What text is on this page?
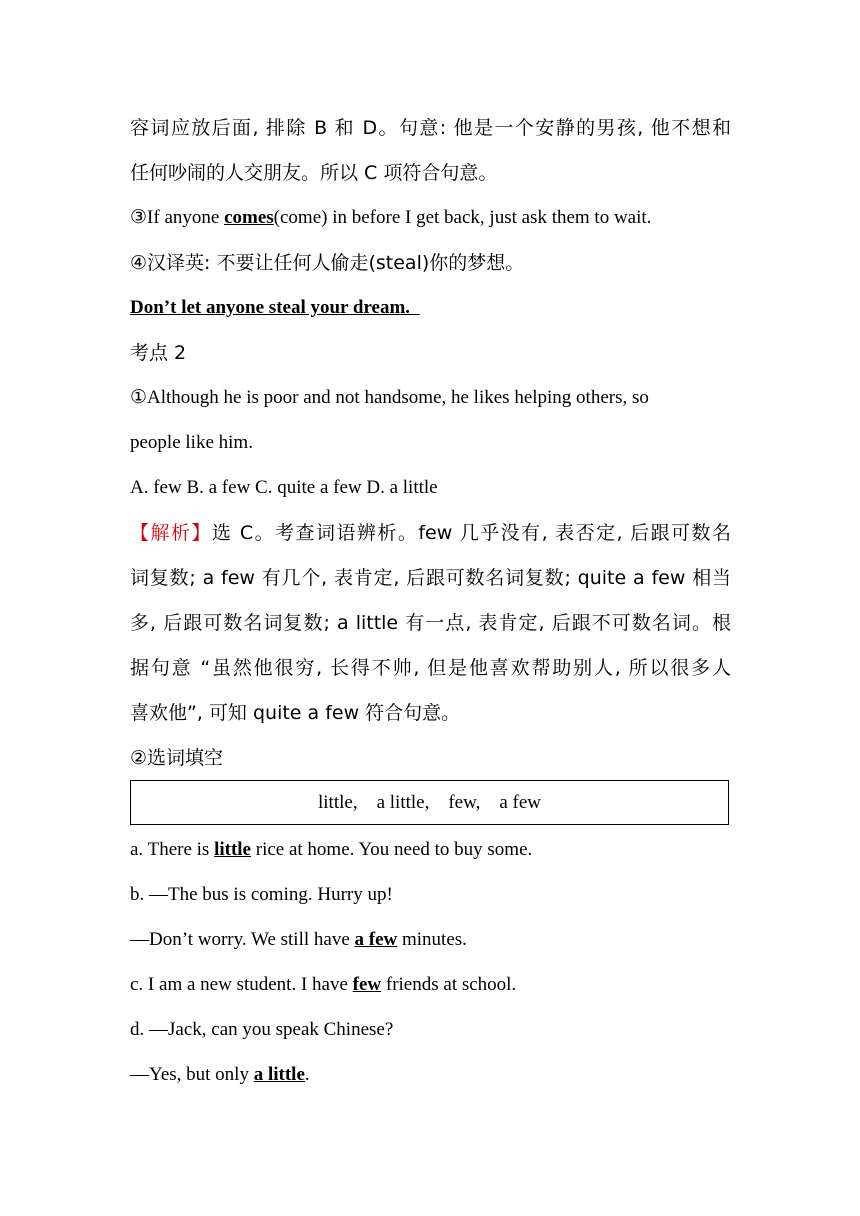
容词应放后面, 排除 B 和 D。句意: 他是一个安静的男孩, 他不想和
任何吵闹的人交朋友。所以 C 项符合句意。
③If anyone comes(come) in before I get back, just ask them to wait.
④汉译英: 不要让任何人偷走(steal)你的梦想。
Don’t let anyone steal your dream.
考点 2
①Although he is poor and not handsome, he likes helping others, so
people like him.
A. few B. a few C. quite a few D. a little
【解析】选 C。考查词语辨析。few 几乎没有, 表否定, 后跟可数名
词复数; a few 有几个, 表肯定, 后跟可数名词复数; quite a few 相当
多, 后跟可数名词复数; a little 有一点, 表肯定, 后跟不可数名词。根
据句意 “虽然他很穷, 长得不帅, 但是他喜欢帮助别人, 所以很多人
喜欢他”, 可知 quite a few 符合句意。
②选词填空
little,    a little,    few,    a few
a. There is little rice at home. You need to buy some.
b. —The bus is coming. Hurry up!
—Don’t worry. We still have a few minutes.
c. I am a new student. I have few friends at school.
d. —Jack, can you speak Chinese?
—Yes, but only a little.
